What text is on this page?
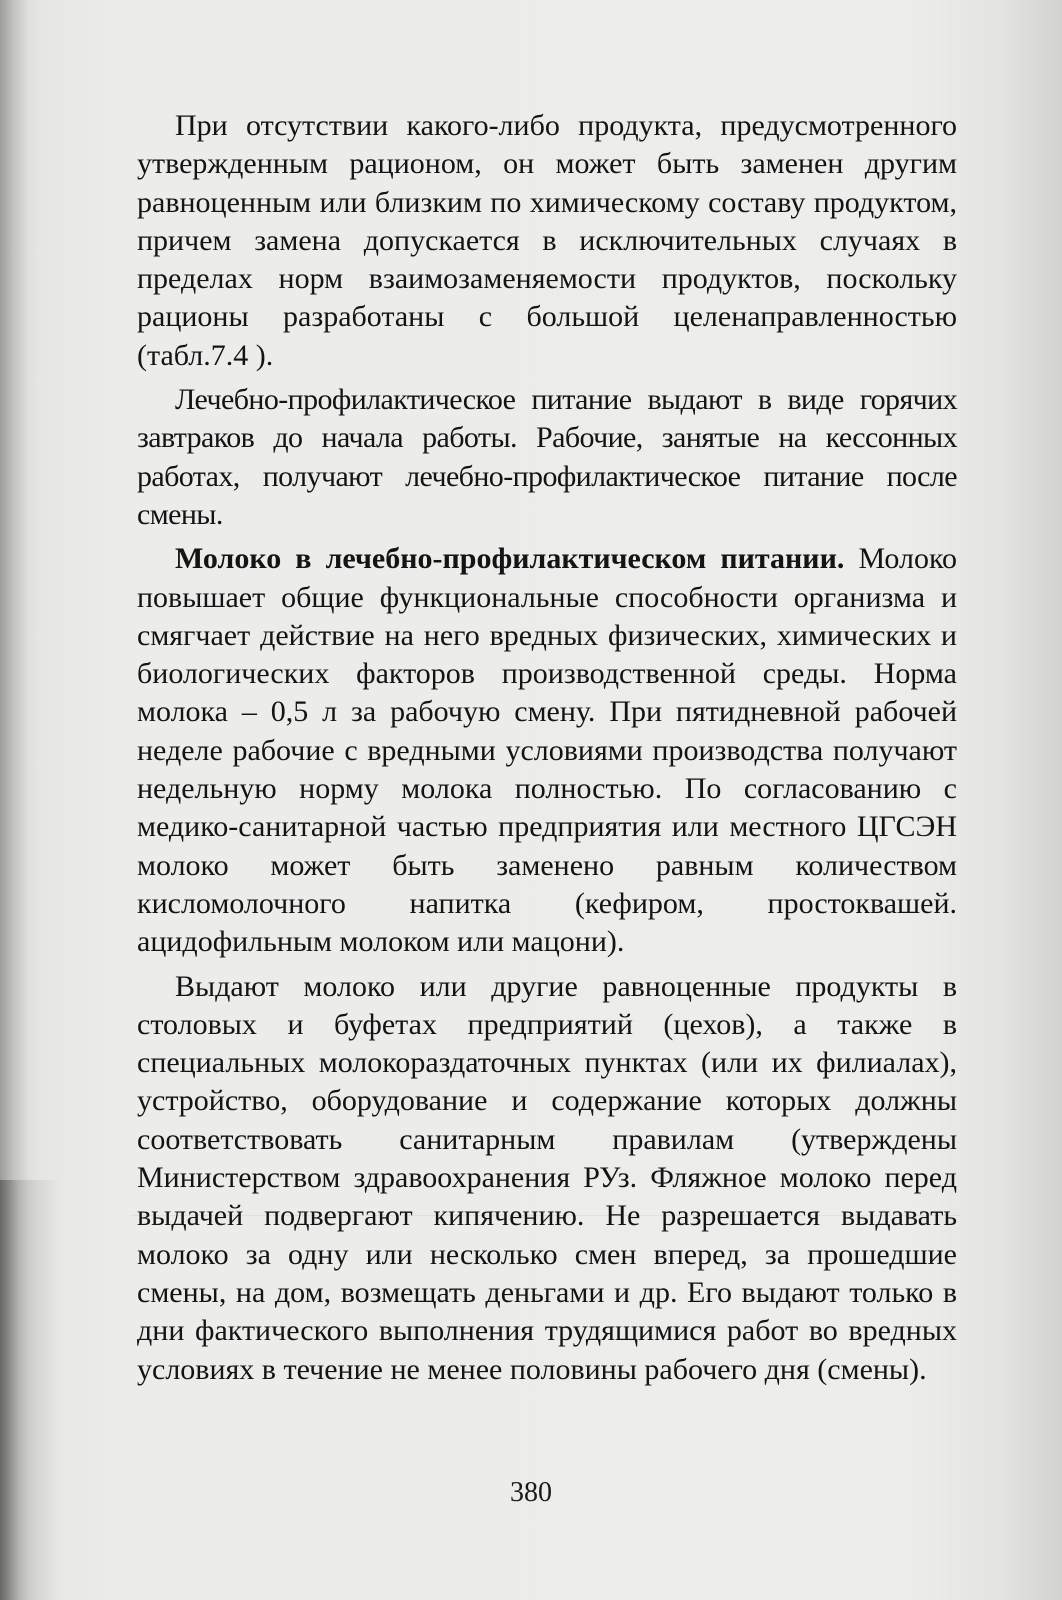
При отсутствии какого-либо продукта, предусмотренного утвержденным рационом, он может быть заменен другим равноценным или близким по химическому составу продуктом, причем замена допускается в исключительных случаях в пределах норм взаимозаменяемости продуктов, поскольку рационы разработаны с большой целенаправленностью (табл.7.4 ).

Лечебно-профилактическое питание выдают в виде горячих завтраков до начала работы. Рабочие, занятые на кессонных работах, получают лечебно-профилактическое питание после смены.

Молоко в лечебно-профилактическом питании. Молоко повышает общие функциональные способности организма и смягчает действие на него вредных физических, химических и биологических факторов производственной среды. Норма молока – 0,5 л за рабочую смену. При пятидневной рабочей неделе рабочие с вредными условиями производства получают недельную норму молока полностью. По согласованию с медико-санитарной частью предприятия или местного ЦГСЭН молоко может быть заменено равным количеством кисломолочного напитка (кефиром, простоквашей. ацидофильным молоком или мацони).

Выдают молоко или другие равноценные продукты в столовых и буфетах предприятий (цехов), а также в специальных молокораздаточных пунктах (или их филиалах), устройство, оборудование и содержание которых должны соответствовать санитарным правилам (утверждены Министерством здравоохранения РУз. Фляжное молоко перед выдачей подвергают кипячению. Не разрешается выдавать молоко за одну или несколько смен вперед, за прошедшие смены, на дом, возмещать деньгами и др. Его выдают только в дни фактического выполнения трудящимися работ во вредных условиях в течение не менее половины рабочего дня (смены).

380
